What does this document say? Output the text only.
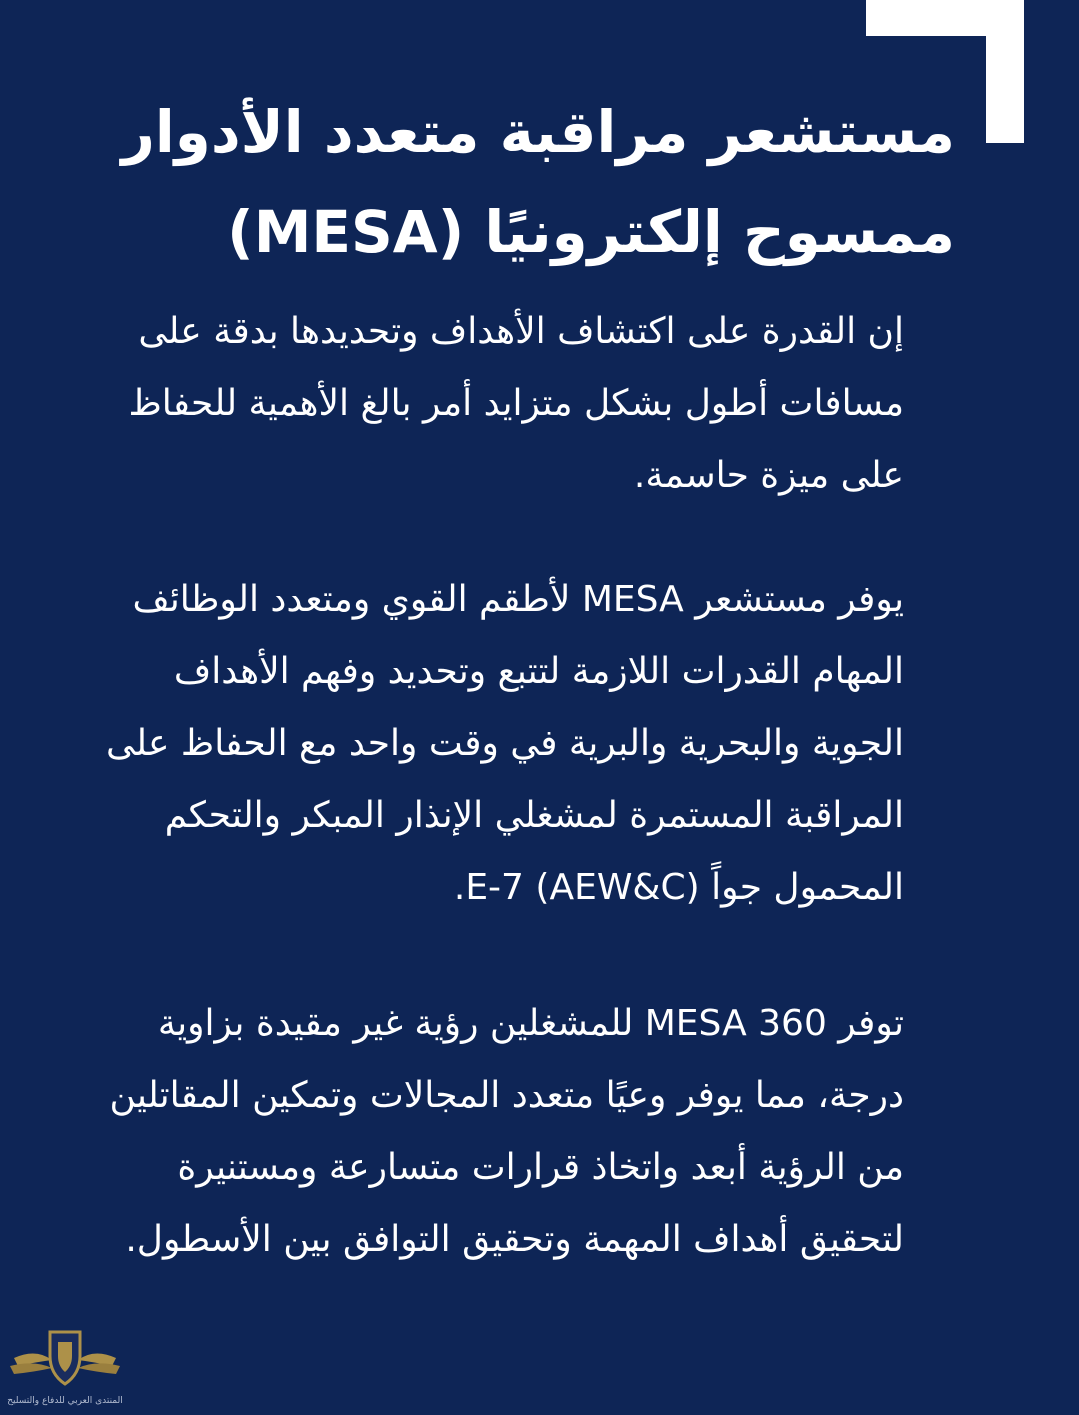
مستشعر مراقبة متعدد الأدوار
ممسوح إلكترونيًا (MESA)
إن القدرة على اكتشاف الأهداف وتحديدها بدقة على
مسافات أطول بشكل متزايد أمر بالغ الأهمية للحفاظ
على ميزة حاسمة.
يوفر مستشعر MESA لأطقم القوي ومتعدد الوظائف
المهام القدرات اللازمة لتتبع وتحديد وفهم الأهداف
الجوية والبحرية والبرية في وقت واحد مع الحفاظ على
المراقبة المستمرة لمشغلي الإنذار المبكر والتحكم
المحمول جواً E-7 (AEW&C).
توفر MESA 360 للمشغلين رؤية غير مقيدة بزاوية
درجة، مما يوفر وعيًا متعدد المجالات وتمكين المقاتلين
من الرؤية أبعد واتخاذ قرارات متسارعة ومستنيرة
لتحقيق أهداف المهمة وتحقيق التوافق بين الأسطول.
المنتدى العربي للدفاع والتسليح
